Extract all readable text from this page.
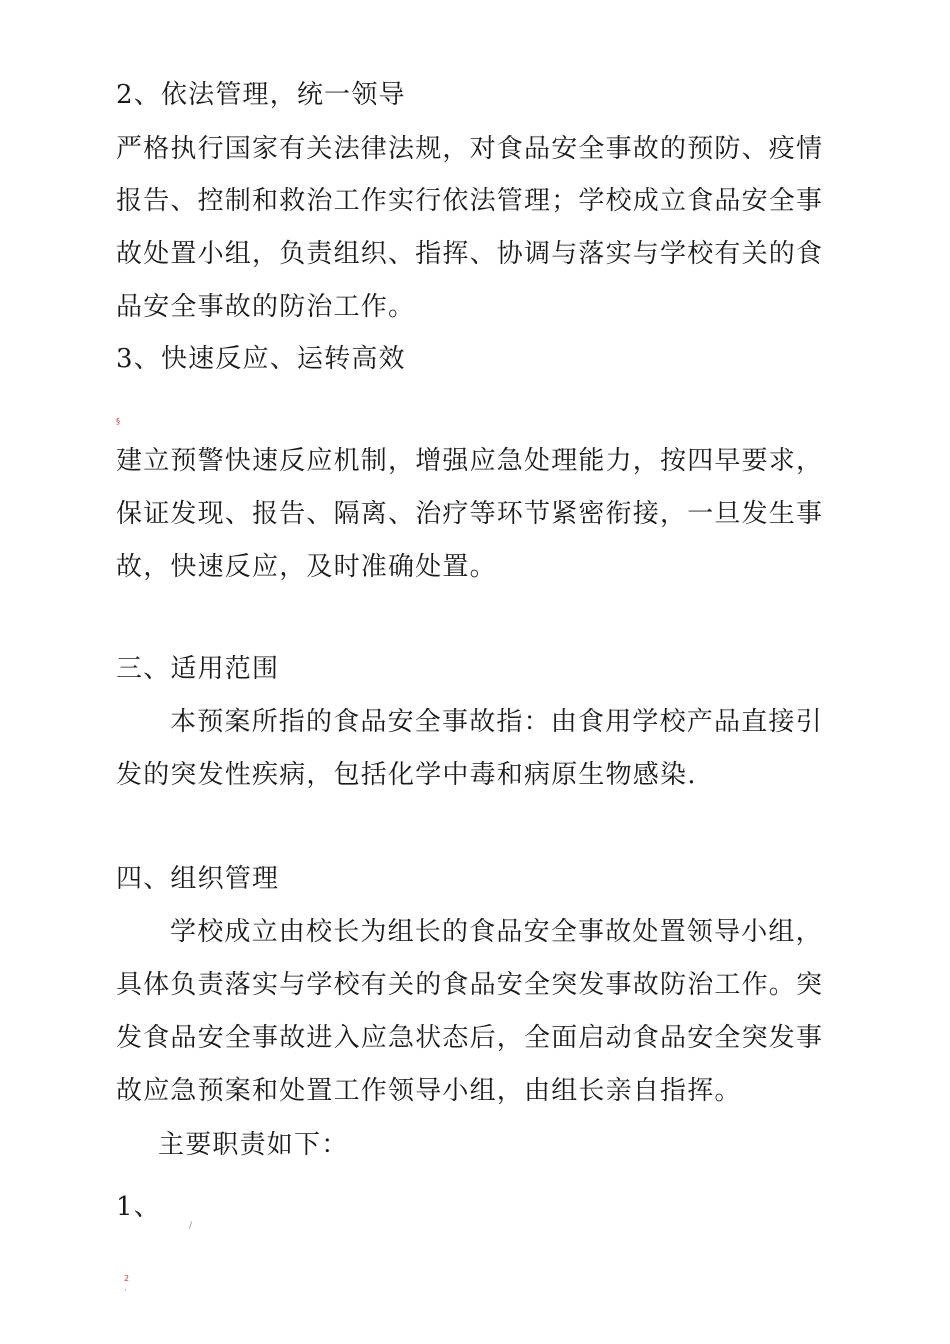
2、依法管理，统一领导
严格执行国家有关法律法规，对食品安全事故的预防、疫情
报告、控制和救治工作实行依法管理；学校成立食品安全事
故处置小组，负责组织、指挥、协调与落实与学校有关的食
品安全事故的防治工作。
3、快速反应、运转高效
§
建立预警快速反应机制，增强应急处理能力，按四早要求，
保证发现、报告、隔离、治疗等环节紧密衔接，一旦发生事
故，快速反应，及时准确处置。
三、适用范围
本预案所指的食品安全事故指：由食用学校产品直接引
发的突发性疾病，包括化学中毒和病原生物感染.
四、组织管理
学校成立由校长为组长的食品安全事故处置领导小组，
具体负责落实与学校有关的食品安全突发事故防治工作。突
发食品安全事故进入应急状态后，全面启动食品安全突发事
故应急预案和处置工作领导小组，由组长亲自指挥。
主要职责如下：
1、
/
2
·
